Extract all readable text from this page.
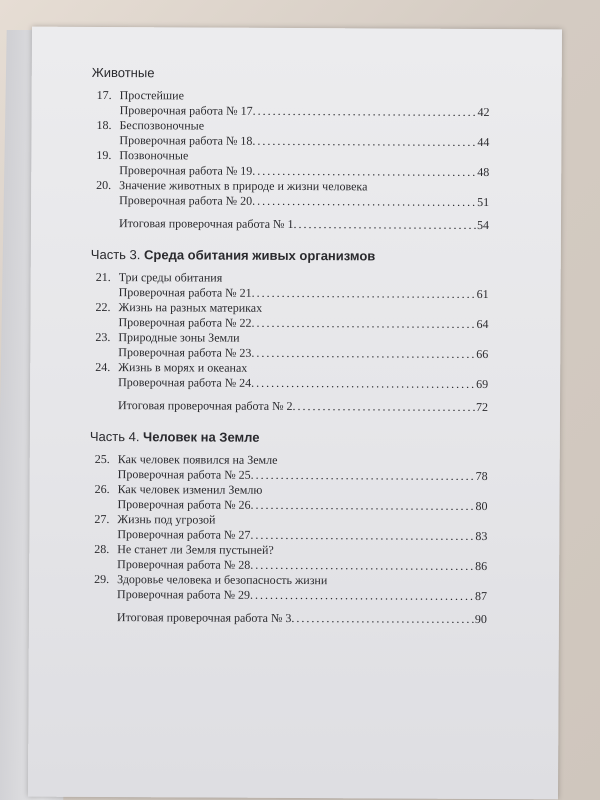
Животные
17. Простейшие
Проверочная работа № 17 .....	42
18. Беспозвоночные
Проверочная работа № 18 .....	44
19. Позвоночные
Проверочная работа № 19 .....	48
20. Значение животных в природе и жизни человека
Проверочная работа № 20 .....	51
Итоговая проверочная работа № 1 .....	54
Часть 3. Среда обитания живых организмов
21. Три среды обитания
Проверочная работа № 21 .....	61
22. Жизнь на разных материках
Проверочная работа № 22 .....	64
23. Природные зоны Земли
Проверочная работа № 23 .....	66
24. Жизнь в морях и океанах
Проверочная работа № 24 .....	69
Итоговая проверочная работа № 2 .....	72
Часть 4. Человек на Земле
25. Как человек появился на Земле
Проверочная работа № 25 .....	78
26. Как человек изменил Землю
Проверочная работа № 26 .....	80
27. Жизнь под угрозой
Проверочная работа № 27 .....	83
28. Не станет ли Земля пустыней?
Проверочная работа № 28 .....	86
29. Здоровье человека и безопасность жизни
Проверочная работа № 29 .....	87
Итоговая проверочная работа № 3 .....	90
